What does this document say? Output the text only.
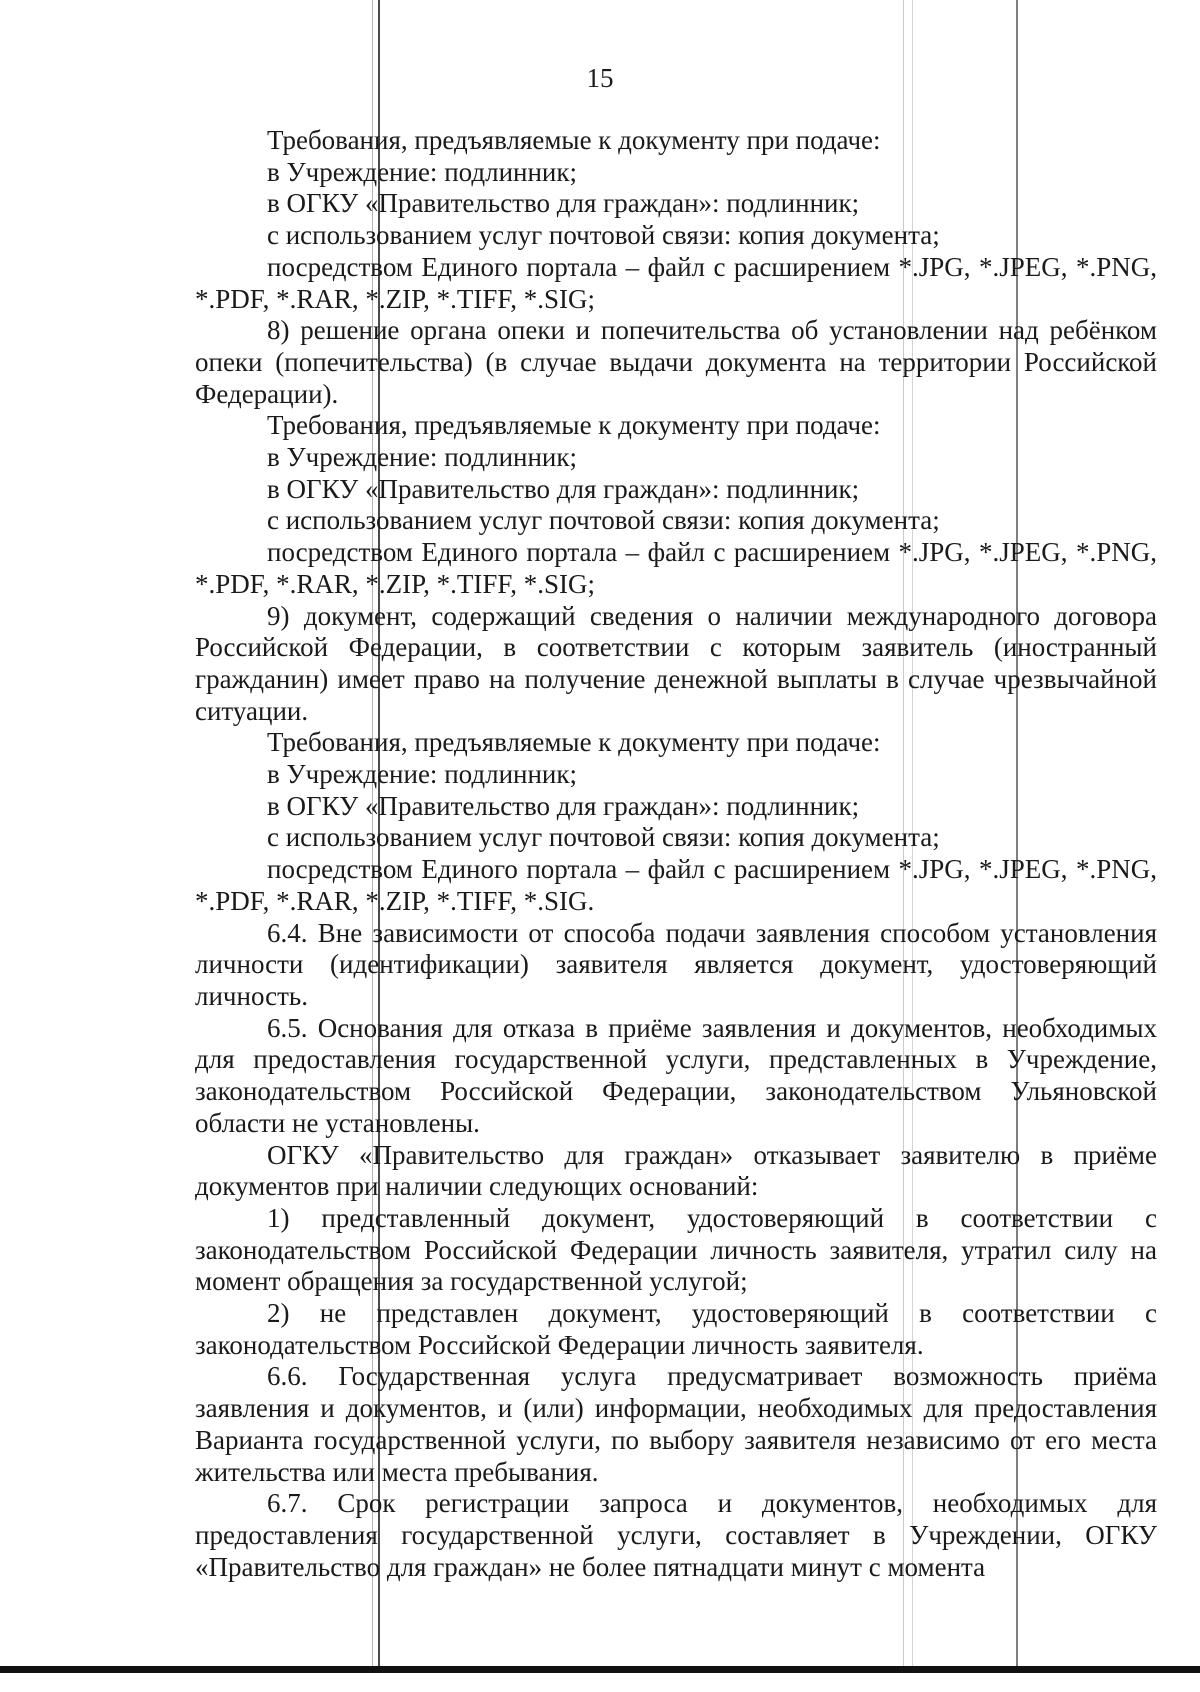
15

Требования, предъявляемые к документу при подаче:

в Учреждение: подлинник;

в ОГКУ «Правительство для граждан»: подлинник;

с использованием услуг почтовой связи: копия документа;

посредством Единого портала – файл с расширением *.JPG, *.JPEG, *.PNG, *.PDF, *.RAR, *.ZIP, *.TIFF, *.SIG;

8) решение органа опеки и попечительства об установлении над ребёнком опеки (попечительства) (в случае выдачи документа на территории Российской Федерации).

Требования, предъявляемые к документу при подаче:

в Учреждение: подлинник;

в ОГКУ «Правительство для граждан»: подлинник;

с использованием услуг почтовой связи: копия документа;

посредством Единого портала – файл с расширением *.JPG, *.JPEG, *.PNG, *.PDF, *.RAR, *.ZIP, *.TIFF, *.SIG;

9) документ, содержащий сведения о наличии международного договора Российской Федерации, в соответствии с которым заявитель (иностранный гражданин) имеет право на получение денежной выплаты в случае чрезвычайной ситуации.

Требования, предъявляемые к документу при подаче:

в Учреждение: подлинник;

в ОГКУ «Правительство для граждан»: подлинник;

с использованием услуг почтовой связи: копия документа;

посредством Единого портала – файл с расширением *.JPG, *.JPEG, *.PNG, *.PDF, *.RAR, *.ZIP, *.TIFF, *.SIG.

6.4. Вне зависимости от способа подачи заявления способом установления личности (идентификации) заявителя является документ, удостоверяющий личность.

6.5. Основания для отказа в приёме заявления и документов, необходимых для предоставления государственной услуги, представленных в Учреждение, законодательством Российской Федерации, законодательством Ульяновской области не установлены.

ОГКУ «Правительство для граждан» отказывает заявителю в приёме документов при наличии следующих оснований:

1) представленный документ, удостоверяющий в соответствии с законодательством Российской Федерации личность заявителя, утратил силу на момент обращения за государственной услугой;

2) не представлен документ, удостоверяющий в соответствии с законодательством Российской Федерации личность заявителя.

6.6. Государственная услуга предусматривает возможность приёма заявления и документов, и (или) информации, необходимых для предоставления Варианта государственной услуги, по выбору заявителя независимо от его места жительства или места пребывания.

6.7. Срок регистрации запроса и документов, необходимых для предоставления государственной услуги, составляет в Учреждении, ОГКУ «Правительство для граждан» не более пятнадцати минут с момента
